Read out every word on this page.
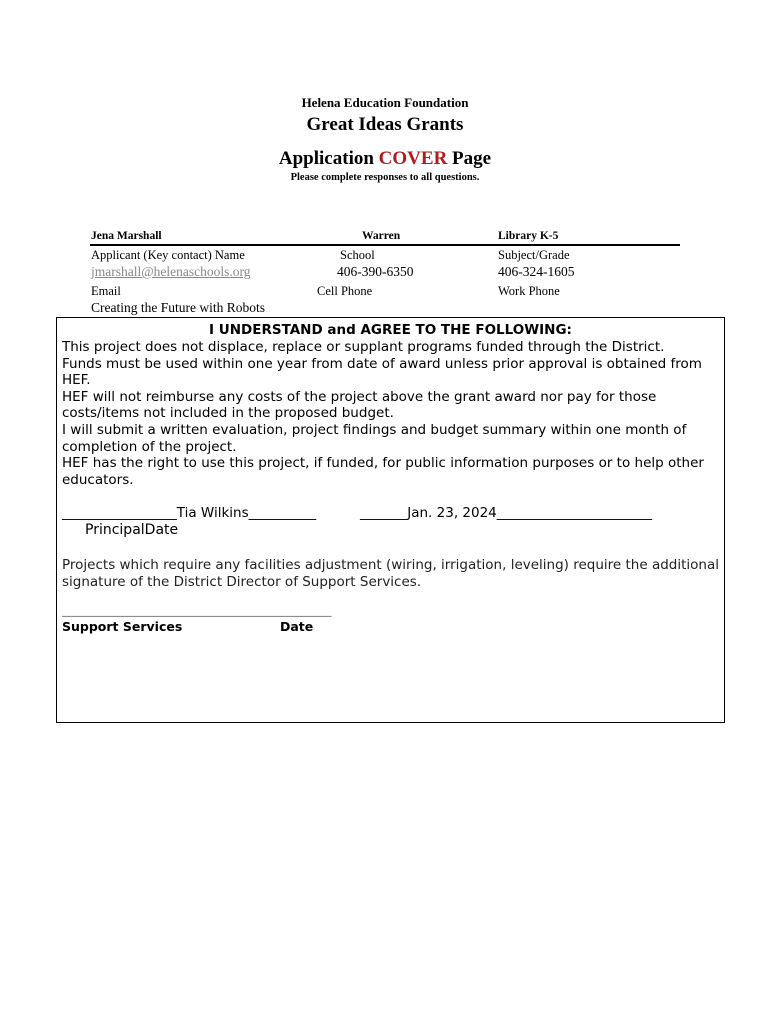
Helena Education Foundation
Great Ideas Grants
Application COVER Page
Please complete responses to all questions.
Jena Marshall	Warren	Library K-5
Applicant (Key contact) Name	School	Subject/Grade
jmarshall@helenaschools.org	406-390-6350	406-324-1605
Email	Cell Phone	Work Phone
Creating the Future with Robots
I UNDERSTAND and AGREE TO THE FOLLOWING:
This project does not displace, replace or supplant programs funded through the District.
Funds must be used within one year from date of award unless prior approval is obtained from HEF.
HEF will not reimburse any costs of the project above the grant award nor pay for those costs/items not included in the proposed budget.
I will submit a written evaluation, project findings and budget summary within one month of completion of the project.
HEF has the right to use this project, if funded, for public information purposes or to help other educators.
_________________Tia Wilkins__________	_______Jan. 23, 2024_______________________
PrincipalDate
Projects which require any facilities adjustment (wiring, irrigation, leveling) require the additional signature of the District Director of Support Services.
_________________________________________________
Support Services	Date
